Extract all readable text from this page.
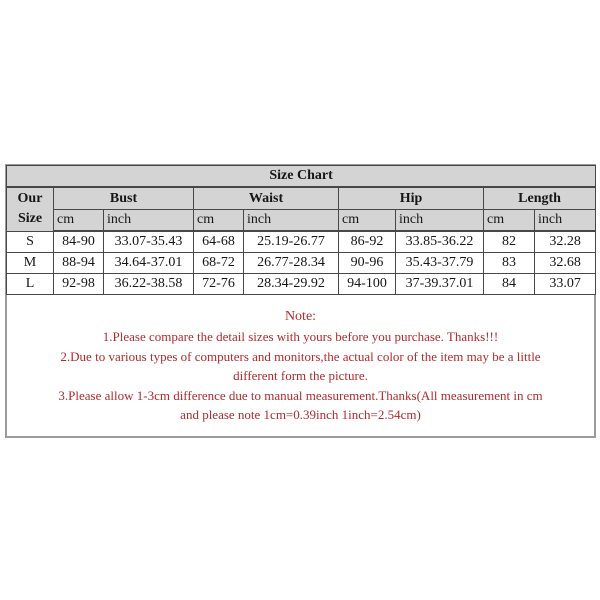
Size Chart								

Our
Size	Bust		Waist		Hip		Length	
	cm	inch	cm	inch	cm	inch	cm	inch
S	84-90	33.07-35.43	64-68	25.19-26.77	86-92	33.85-36.22	82	32.28
M	88-94	34.64-37.01	68-72	26.77-28.34	90-96	35.43-37.79	83	32.68
L	92-98	36.22-38.58	72-76	28.34-29.92	94-100	37-39.37.01	84	33.07
Note:
1.Please compare the detail sizes with yours before you purchase. Thanks!!!
2.Due to various types of computers and monitors,the actual color of the item may be a little
different form the picture.
3.Please allow 1-3cm difference due to manual measurement.Thanks(All measurement in cm
and please note 1cm=0.39inch 1inch=2.54cm)
